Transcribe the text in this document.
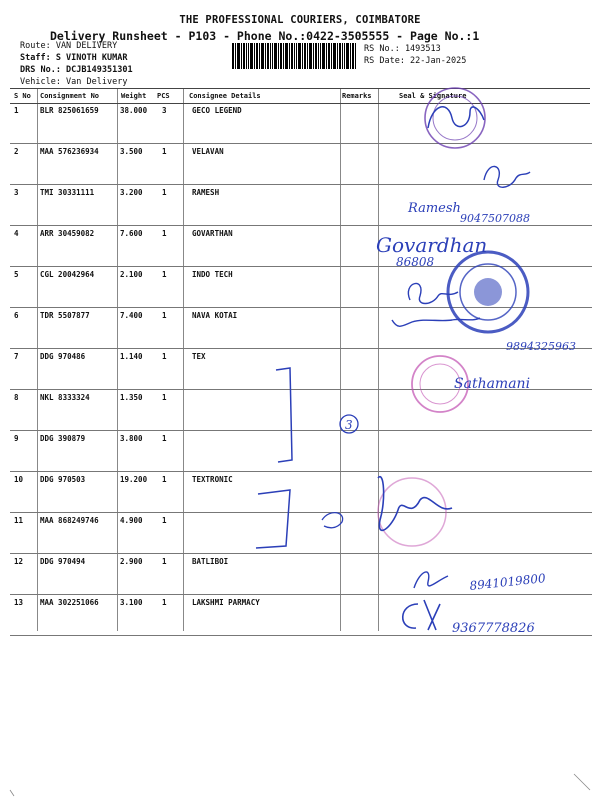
THE PROFESSIONAL COURIERS, COIMBATORE
Delivery Runsheet - P103 - Phone No.:0422-3505555 - Page No.:1
Route: VAN DELIVERY
Staff: S VINOTH KUMAR
DRS No.: DCJB149351301
Vehicle: Van Delivery
RS No.: 1493513
RS Date: 22-Jan-2025
S No Consignment No	Weight PCS	Consignee Details	Remarks	Seal & Signature
1	BLR 825061659	38.000 3	GECO LEGEND
2	MAA 576236934	3.500	1	VELAVAN
3	TMI 30331111	3.200	1	RAMESH
4	ARR 30459082	7.600	1	GOVARTHAN
5	CGL 20042964	2.100	1	INDO TECH
6	TDR 5507877	7.400	1	NAVA KOTAI
7	DDG 970486	1.140	1	TEX
8	NKL 8333324	1.350	1
9	DDG 390879	3.800	1
10 DDG 970503	19.200 1	TEXTRONIC
11 MAA 868249746	4.900	1
12 DDG 970494	2.900	1	BATLIBOI
13 MAA 302251066	3.100	1	LAKSHMI PARMACY
Ramesh
9047507088
Govardhan
86808
9894325963
Sathamani
3
8941019800
9367778826
